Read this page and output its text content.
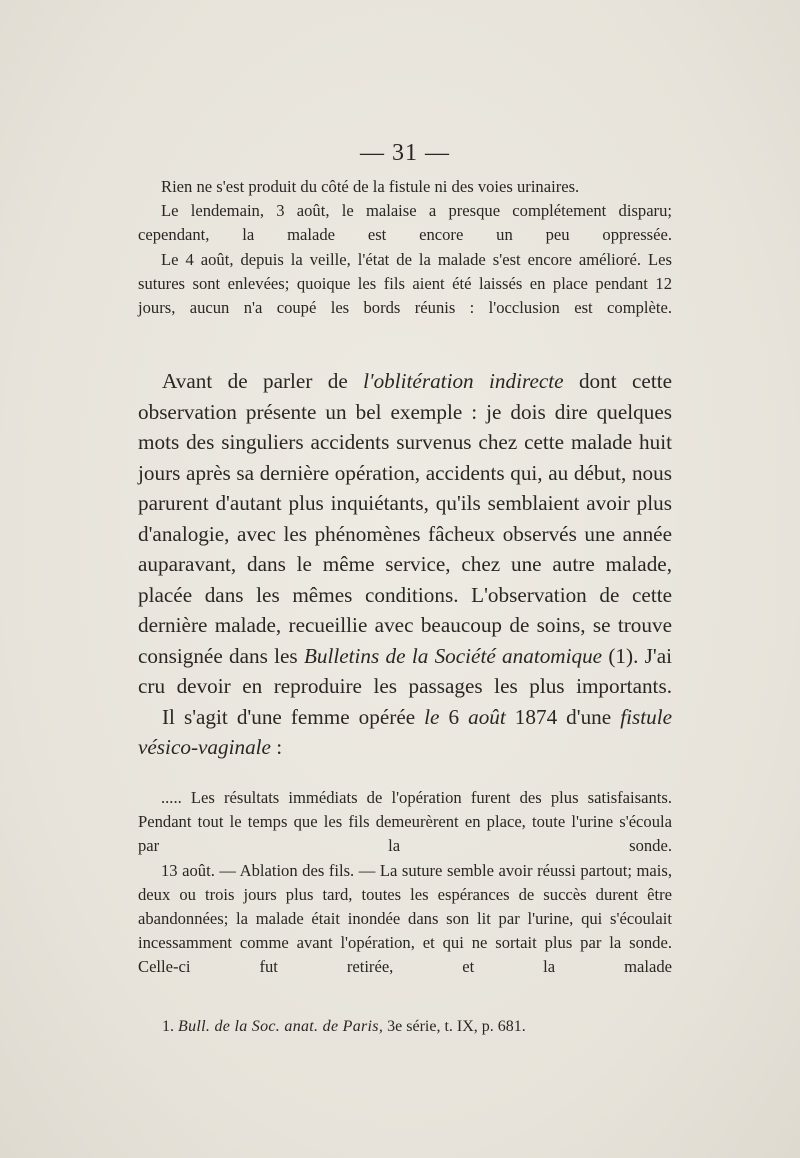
— 31 —

Rien ne s'est produit du côté de la fistule ni des voies urinaires.

Le lendemain, 3 août, le malaise a presque complétement disparu; cependant, la malade est encore un peu oppressée.

Le 4 août, depuis la veille, l'état de la malade s'est encore amélioré. Les sutures sont enlevées; quoique les fils aient été laissés en place pendant 12 jours, aucun n'a coupé les bords réunis : l'occlusion est complète.

Avant de parler de l'oblitération indirecte dont cette observation présente un bel exemple : je dois dire quelques mots des singuliers accidents survenus chez cette malade huit jours après sa dernière opération, accidents qui, au début, nous parurent d'autant plus inquiétants, qu'ils semblaient avoir plus d'analogie, avec les phénomènes fâcheux observés une année auparavant, dans le même service, chez une autre malade, placée dans les mêmes conditions. L'observation de cette dernière malade, recueillie avec beaucoup de soins, se trouve consignée dans les Bulletins de la Société anatomique (1). J'ai cru devoir en reproduire les passages les plus importants.

Il s'agit d'une femme opérée le 6 août 1874 d'une fistule vésico-vaginale :

..... Les résultats immédiats de l'opération furent des plus satisfaisants. Pendant tout le temps que les fils demeurèrent en place, toute l'urine s'écoula par la sonde.

13 août. — Ablation des fils. — La suture semble avoir réussi partout; mais, deux ou trois jours plus tard, toutes les espérances de succès durent être abandonnées; la malade était inondée dans son lit par l'urine, qui s'écoulait incessamment comme avant l'opération, et qui ne sortait plus par la sonde. Celle-ci fut retirée, et la malade

1. Bull. de la Soc. anat. de Paris, 3e série, t. IX, p. 681.
